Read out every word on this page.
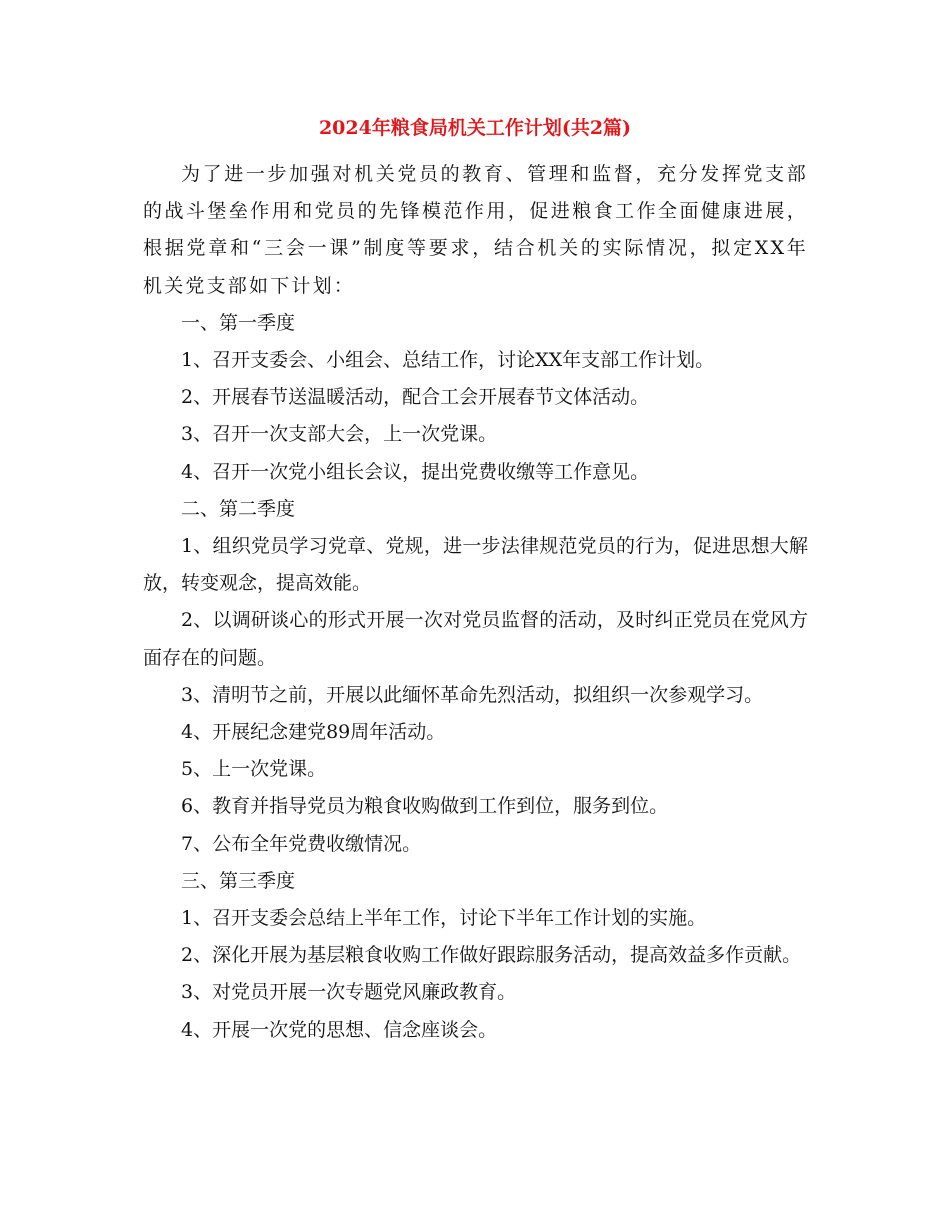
2024年粮食局机关工作计划(共2篇)

为了进一步加强对机关党员的教育、管理和监督，充分发挥党支部的战斗堡垒作用和党员的先锋模范作用，促进粮食工作全面健康进展，根据党章和“三会一课”制度等要求，结合机关的实际情况，拟定XX年机关党支部如下计划：

一、第一季度

1、召开支委会、小组会、总结工作，讨论XX年支部工作计划。

2、开展春节送温暖活动，配合工会开展春节文体活动。

3、召开一次支部大会，上一次党课。

4、召开一次党小组长会议，提出党费收缴等工作意见。

二、第二季度

1、组织党员学习党章、党规，进一步法律规范党员的行为，促进思想大解放，转变观念，提高效能。

2、以调研谈心的形式开展一次对党员监督的活动，及时纠正党员在党风方面存在的问题。

3、清明节之前，开展以此缅怀革命先烈活动，拟组织一次参观学习。

4、开展纪念建党89周年活动。

5、上一次党课。

6、教育并指导党员为粮食收购做到工作到位，服务到位。

7、公布全年党费收缴情况。

三、第三季度

1、召开支委会总结上半年工作，讨论下半年工作计划的实施。

2、深化开展为基层粮食收购工作做好跟踪服务活动，提高效益多作贡献。

3、对党员开展一次专题党风廉政教育。

4、开展一次党的思想、信念座谈会。
